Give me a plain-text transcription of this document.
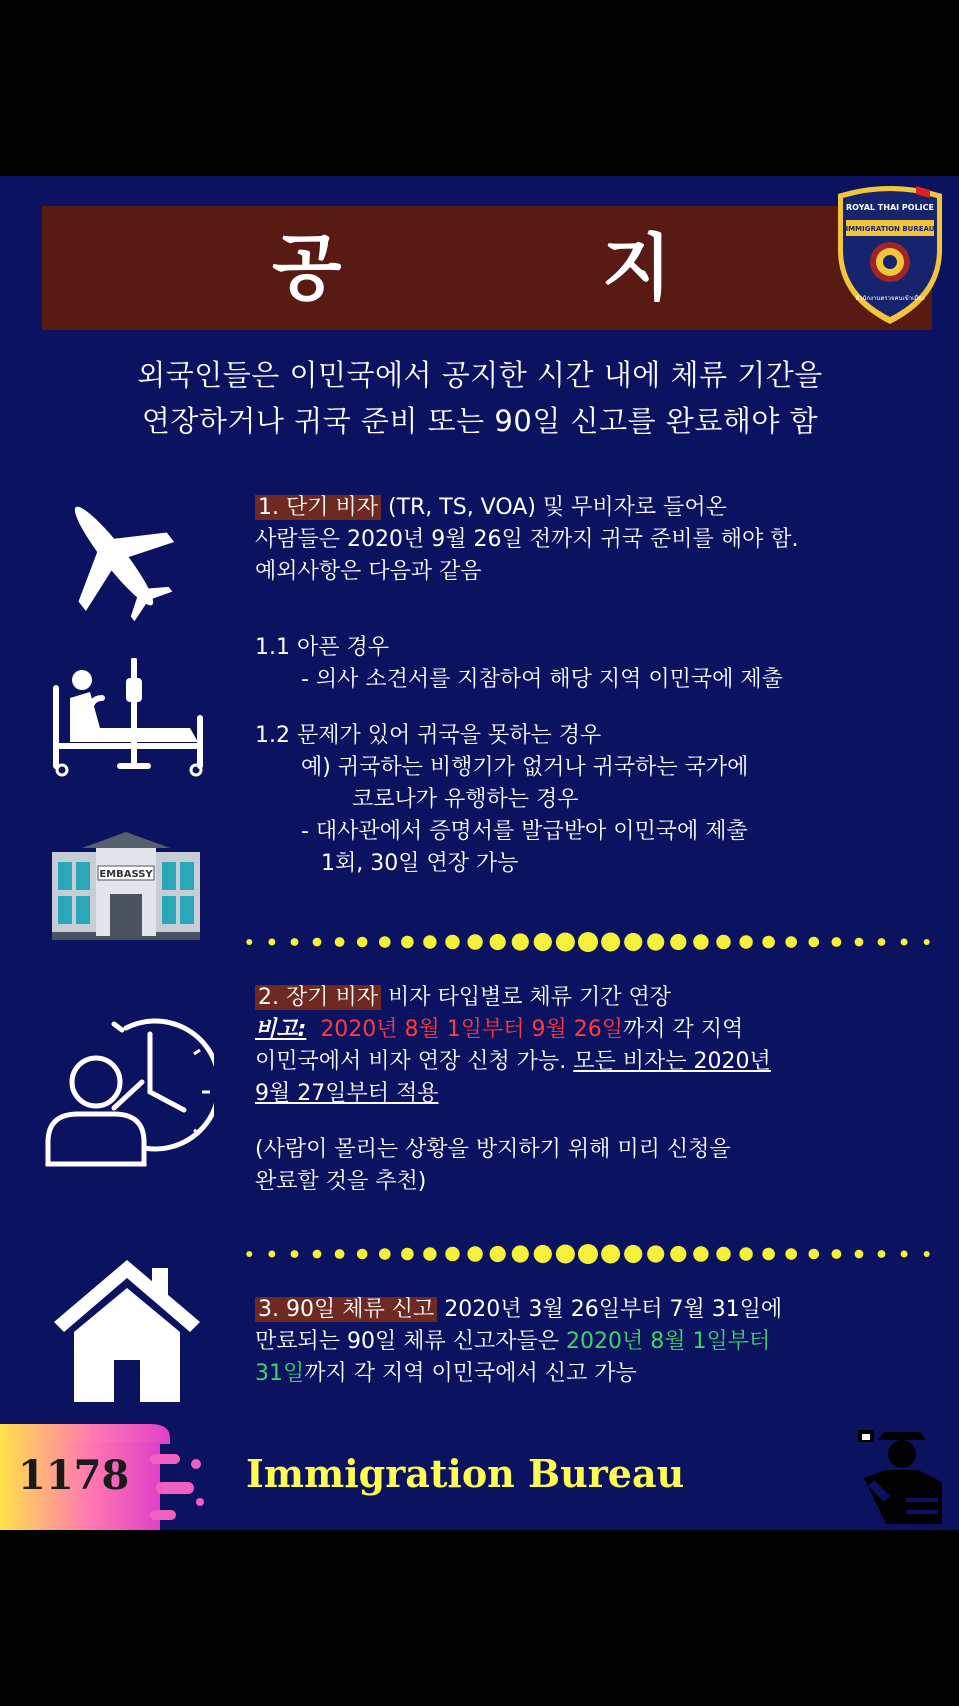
공	지
ROYAL THAI POLICE
IMMIGRATION BUREAU
สำนักงานตรวจคนเข้าเมือง
외국인들은 이민국에서 공지한 시간 내에 체류 기간을
연장하거나 귀국 준비 또는 90일 신고를 완료해야 함
1. 단기 비자 (TR, TS, VOA) 및 무비자로 들어온
사람들은 2020년 9월 26일 전까지 귀국 준비를 해야 함.
예외사항은 다음과 같음
1.1 아픈 경우
- 의사 소견서를 지참하여 해당 지역 이민국에 제출
1.2 문제가 있어 귀국을 못하는 경우
예) 귀국하는 비행기가 없거나 귀국하는 국가에
코로나가 유행하는 경우
- 대사관에서 증명서를 발급받아 이민국에 제출
1회, 30일 연장 가능
EMBASSY
2. 장기 비자 비자 타입별로 체류 기간 연장
비고: 2020년 8월 1일부터 9월 26일까지 각 지역
이민국에서 비자 연장 신청 가능. 모든 비자는 2020년
9월 27일부터 적용
(사람이 몰리는 상황을 방지하기 위해 미리 신청을
완료할 것을 추천)
3. 90일 체류 신고 2020년 3월 26일부터 7월 31일에
만료되는 90일 체류 신고자들은 2020년 8월 1일부터
31일까지 각 지역 이민국에서 신고 가능
1178	Immigration Bureau
